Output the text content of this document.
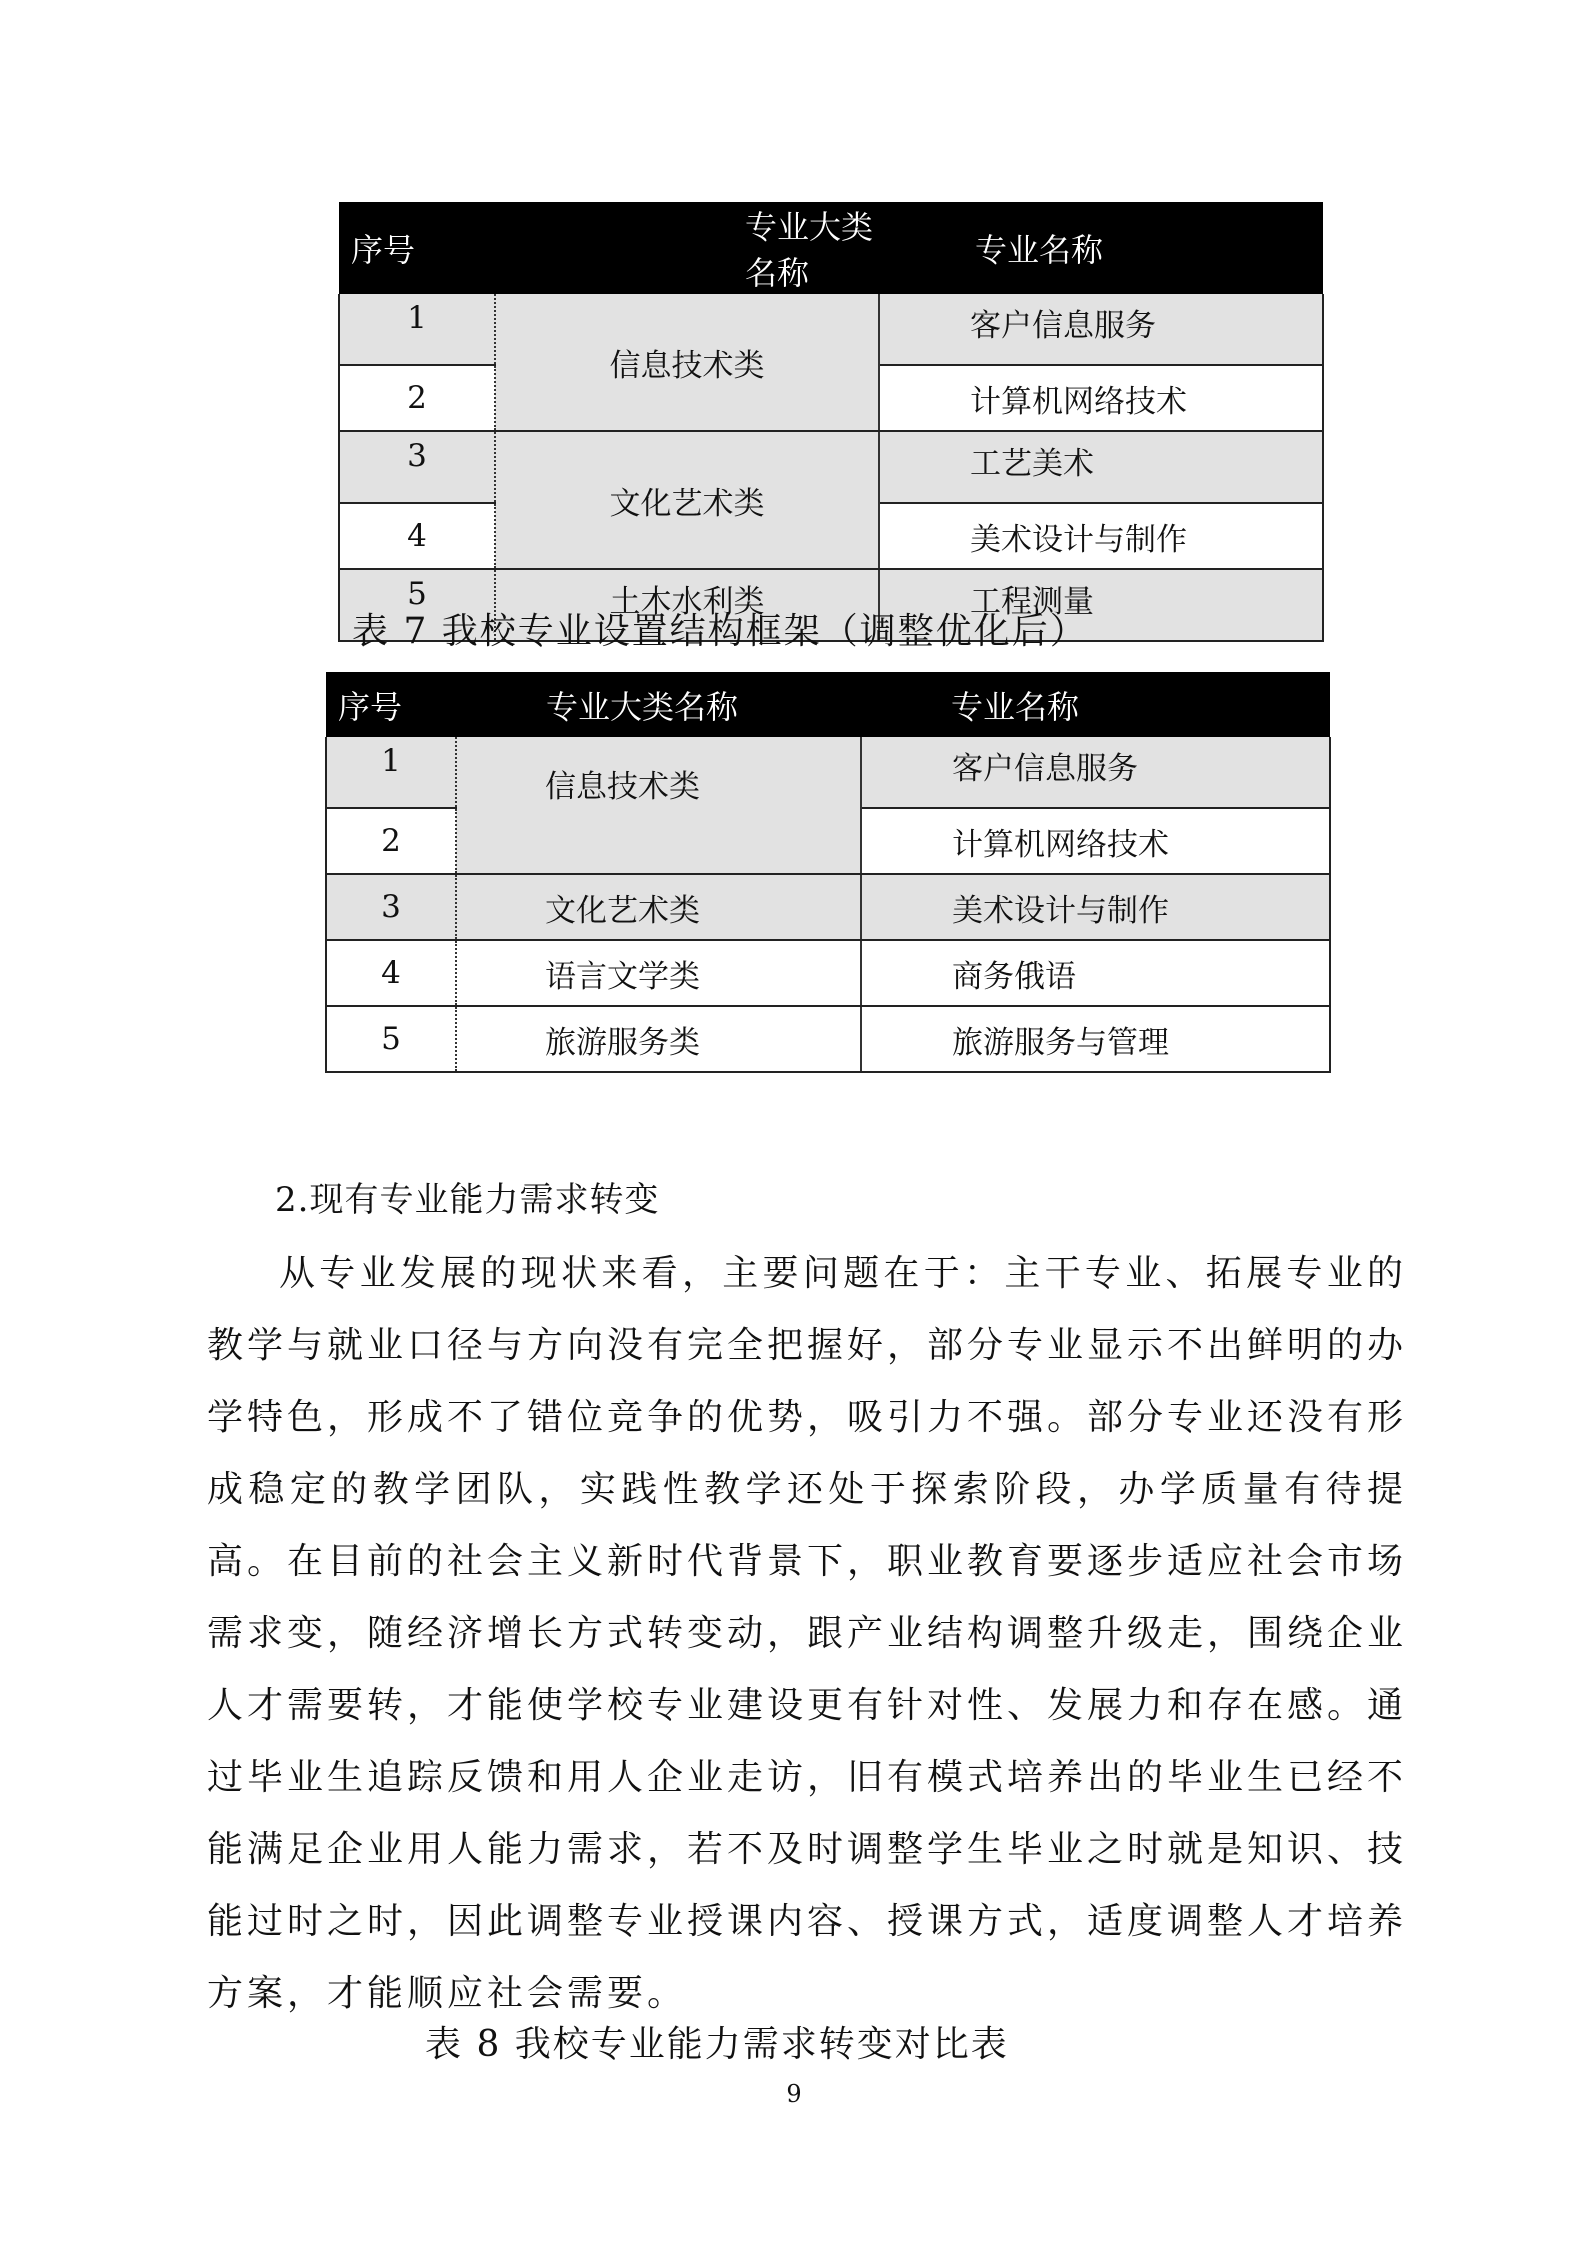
序号	专业大类名称	专业名称
1	信息技术类	客户信息服务
2		计算机网络技术
3	文化艺术类	工艺美术
4		美术设计与制作
5	土木水利类	工程测量
表 7 我校专业设置结构框架（调整优化后）
序号	专业大类名称	专业名称
1	信息技术类	客户信息服务
2		计算机网络技术
3	文化艺术类	美术设计与制作
4	语言文学类	商务俄语
5	旅游服务类	旅游服务与管理
2.现有专业能力需求转变

从专业发展的现状来看，主要问题在于：主干专业、拓展专业的教学与就业口径与方向没有完全把握好，部分专业显示不出鲜明的办学特色，形成不了错位竞争的优势，吸引力不强。部分专业还没有形成稳定的教学团队，实践性教学还处于探索阶段，办学质量有待提高。在目前的社会主义新时代背景下，职业教育要逐步适应社会市场需求变，随经济增长方式转变动，跟产业结构调整升级走，围绕企业人才需要转，才能使学校专业建设更有针对性、发展力和存在感。通过毕业生追踪反馈和用人企业走访，旧有模式培养出的毕业生已经不能满足企业用人能力需求，若不及时调整学生毕业之时就是知识、技能过时之时，因此调整专业授课内容、授课方式，适度调整人才培养方案，才能顺应社会需要。

表 8 我校专业能力需求转变对比表
9
